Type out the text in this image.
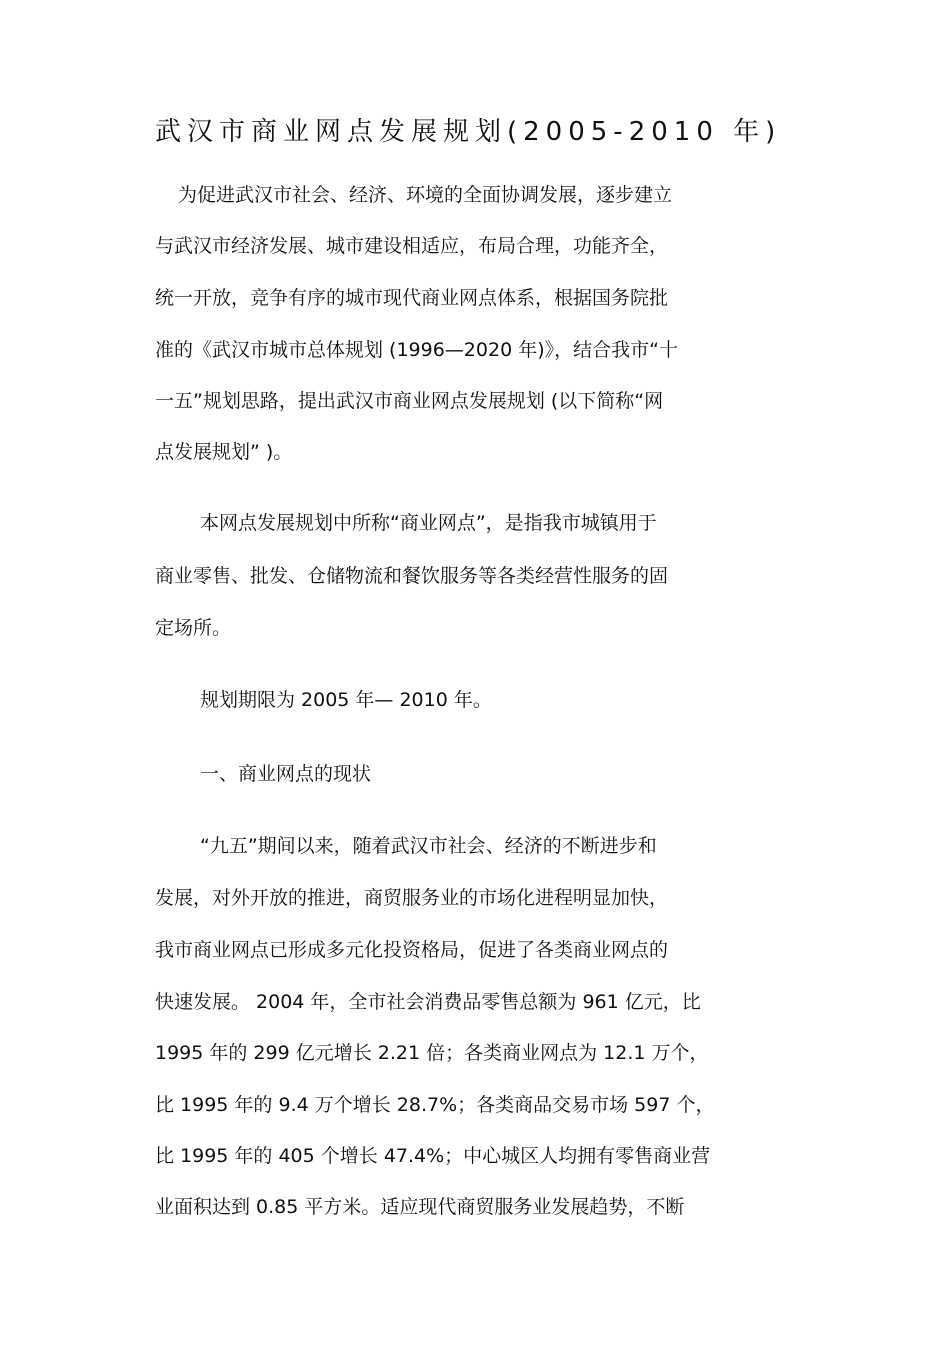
武汉市商业网点发展规划(2005-2010 年)
为促进武汉市社会、经济、环境的全面协调发展，逐步建立
与武汉市经济发展、城市建设相适应，布局合理，功能齐全，
统一开放，竞争有序的城市现代商业网点体系，根据国务院批
准的《武汉市城市总体规划 (1996—2020 年)》，结合我市“十
一五”规划思路，提出武汉市商业网点发展规划 (以下简称“网
点发展规划” )。
本网点发展规划中所称“商业网点”，是指我市城镇用于
商业零售、批发、仓储物流和餐饮服务等各类经营性服务的固
定场所。
规划期限为 2005 年— 2010 年。
一、商业网点的现状
“九五”期间以来，随着武汉市社会、经济的不断进步和
发展，对外开放的推进，商贸服务业的市场化进程明显加快，
我市商业网点已形成多元化投资格局，促进了各类商业网点的
快速发展。 2004 年，全市社会消费品零售总额为 961 亿元，比
1995 年的 299 亿元增长 2.21 倍；各类商业网点为 12.1 万个，
比 1995 年的 9.4 万个增长 28.7%；各类商品交易市场 597 个，
比 1995 年的 405 个增长 47.4%；中心城区人均拥有零售商业营
业面积达到 0.85 平方米。适应现代商贸服务业发展趋势，不断
